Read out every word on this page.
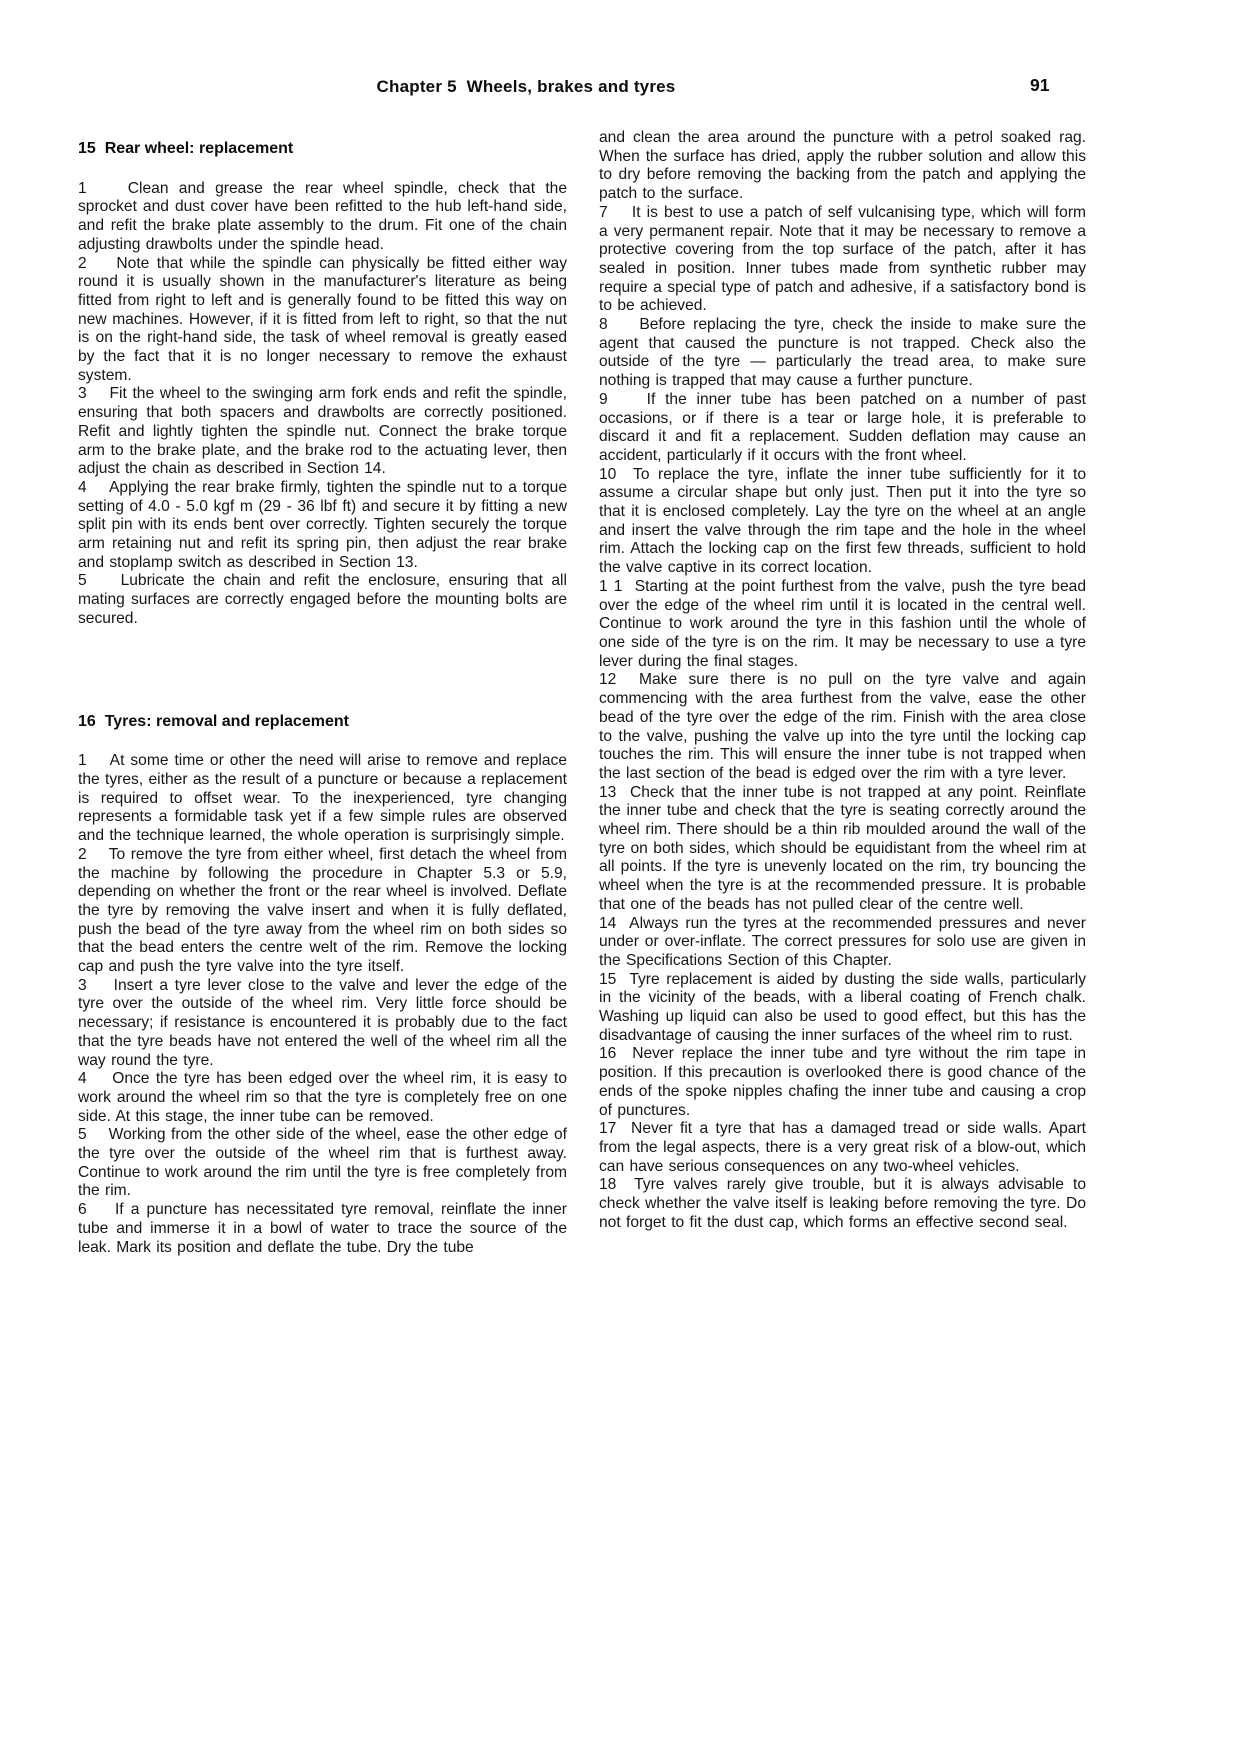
Chapter 5  Wheels, brakes and tyres	91
15  Rear wheel: replacement

1    Clean and grease the rear wheel spindle, check that the sprocket and dust cover have been refitted to the hub left-hand side, and refit the brake plate assembly to the drum. Fit one of the chain adjusting drawbolts under the spindle head.

2    Note that while the spindle can physically be fitted either way round it is usually shown in the manufacturer's literature as being fitted from right to left and is generally found to be fitted this way on new machines. However, if it is fitted from left to right, so that the nut is on the right-hand side, the task of wheel removal is greatly eased by the fact that it is no longer necessary to remove the exhaust system.

3    Fit the wheel to the swinging arm fork ends and refit the spindle, ensuring that both spacers and drawbolts are correctly positioned. Refit and lightly tighten the spindle nut. Connect the brake torque arm to the brake plate, and the brake rod to the actuating lever, then adjust the chain as described in Section 14.

4    Applying the rear brake firmly, tighten the spindle nut to a torque setting of 4.0 - 5.0 kgf m (29 - 36 lbf ft) and secure it by fitting a new split pin with its ends bent over correctly. Tighten securely the torque arm retaining nut and refit its spring pin, then adjust the rear brake and stoplamp switch as described in Section 13.

5    Lubricate the chain and refit the enclosure, ensuring that all mating surfaces are correctly engaged before the mounting bolts are secured.

16  Tyres: removal and replacement

1    At some time or other the need will arise to remove and replace the tyres, either as the result of a puncture or because a replacement is required to offset wear. To the inexperienced, tyre changing represents a formidable task yet if a few simple rules are observed and the technique learned, the whole operation is surprisingly simple.

2    To remove the tyre from either wheel, first detach the wheel from the machine by following the procedure in Chapter 5.3 or 5.9, depending on whether the front or the rear wheel is involved. Deflate the tyre by removing the valve insert and when it is fully deflated, push the bead of the tyre away from the wheel rim on both sides so that the bead enters the centre welt of the rim. Remove the locking cap and push the tyre valve into the tyre itself.

3    Insert a tyre lever close to the valve and lever the edge of the tyre over the outside of the wheel rim. Very little force should be necessary; if resistance is encountered it is probably due to the fact that the tyre beads have not entered the well of the wheel rim all the way round the tyre.

4    Once the tyre has been edged over the wheel rim, it is easy to work around the wheel rim so that the tyre is completely free on one side. At this stage, the inner tube can be removed.

5    Working from the other side of the wheel, ease the other edge of the tyre over the outside of the wheel rim that is furthest away. Continue to work around the rim until the tyre is free completely from the rim.

6    If a puncture has necessitated tyre removal, reinflate the inner tube and immerse it in a bowl of water to trace the source of the leak. Mark its position and deflate the tube. Dry the tube

and clean the area around the puncture with a petrol soaked rag. When the surface has dried, apply the rubber solution and allow this to dry before removing the backing from the patch and applying the patch to the surface.

7    It is best to use a patch of self vulcanising type, which will form a very permanent repair. Note that it may be necessary to remove a protective covering from the top surface of the patch, after it has sealed in position. Inner tubes made from synthetic rubber may require a special type of patch and adhesive, if a satisfactory bond is to be achieved.

8    Before replacing the tyre, check the inside to make sure the agent that caused the puncture is not trapped. Check also the outside of the tyre — particularly the tread area, to make sure nothing is trapped that may cause a further puncture.

9    If the inner tube has been patched on a number of past occasions, or if there is a tear or large hole, it is preferable to discard it and fit a replacement. Sudden deflation may cause an accident, particularly if it occurs with the front wheel.

10  To replace the tyre, inflate the inner tube sufficiently for it to assume a circular shape but only just. Then put it into the tyre so that it is enclosed completely. Lay the tyre on the wheel at an angle and insert the valve through the rim tape and the hole in the wheel rim. Attach the locking cap on the first few threads, sufficient to hold the valve captive in its correct location.

1 1  Starting at the point furthest from the valve, push the tyre bead over the edge of the wheel rim until it is located in the central well. Continue to work around the tyre in this fashion until the whole of one side of the tyre is on the rim. It may be necessary to use a tyre lever during the final stages.

12  Make sure there is no pull on the tyre valve and again commencing with the area furthest from the valve, ease the other bead of the tyre over the edge of the rim. Finish with the area close to the valve, pushing the valve up into the tyre until the locking cap touches the rim. This will ensure the inner tube is not trapped when the last section of the bead is edged over the rim with a tyre lever.

13  Check that the inner tube is not trapped at any point. Reinflate the inner tube and check that the tyre is seating correctly around the wheel rim. There should be a thin rib moulded around the wall of the tyre on both sides, which should be equidistant from the wheel rim at all points. If the tyre is unevenly located on the rim, try bouncing the wheel when the tyre is at the recommended pressure. It is probable that one of the beads has not pulled clear of the centre well.

14  Always run the tyres at the recommended pressures and never under or over-inflate. The correct pressures for solo use are given in the Specifications Section of this Chapter.

15  Tyre replacement is aided by dusting the side walls, particularly in the vicinity of the beads, with a liberal coating of French chalk. Washing up liquid can also be used to good effect, but this has the disadvantage of causing the inner surfaces of the wheel rim to rust.

16  Never replace the inner tube and tyre without the rim tape in position. If this precaution is overlooked there is good chance of the ends of the spoke nipples chafing the inner tube and causing a crop of punctures.

17  Never fit a tyre that has a damaged tread or side walls. Apart from the legal aspects, there is a very great risk of a blow-out, which can have serious consequences on any two-wheel vehicles.

18  Tyre valves rarely give trouble, but it is always advisable to check whether the valve itself is leaking before removing the tyre. Do not forget to fit the dust cap, which forms an effective second seal.
